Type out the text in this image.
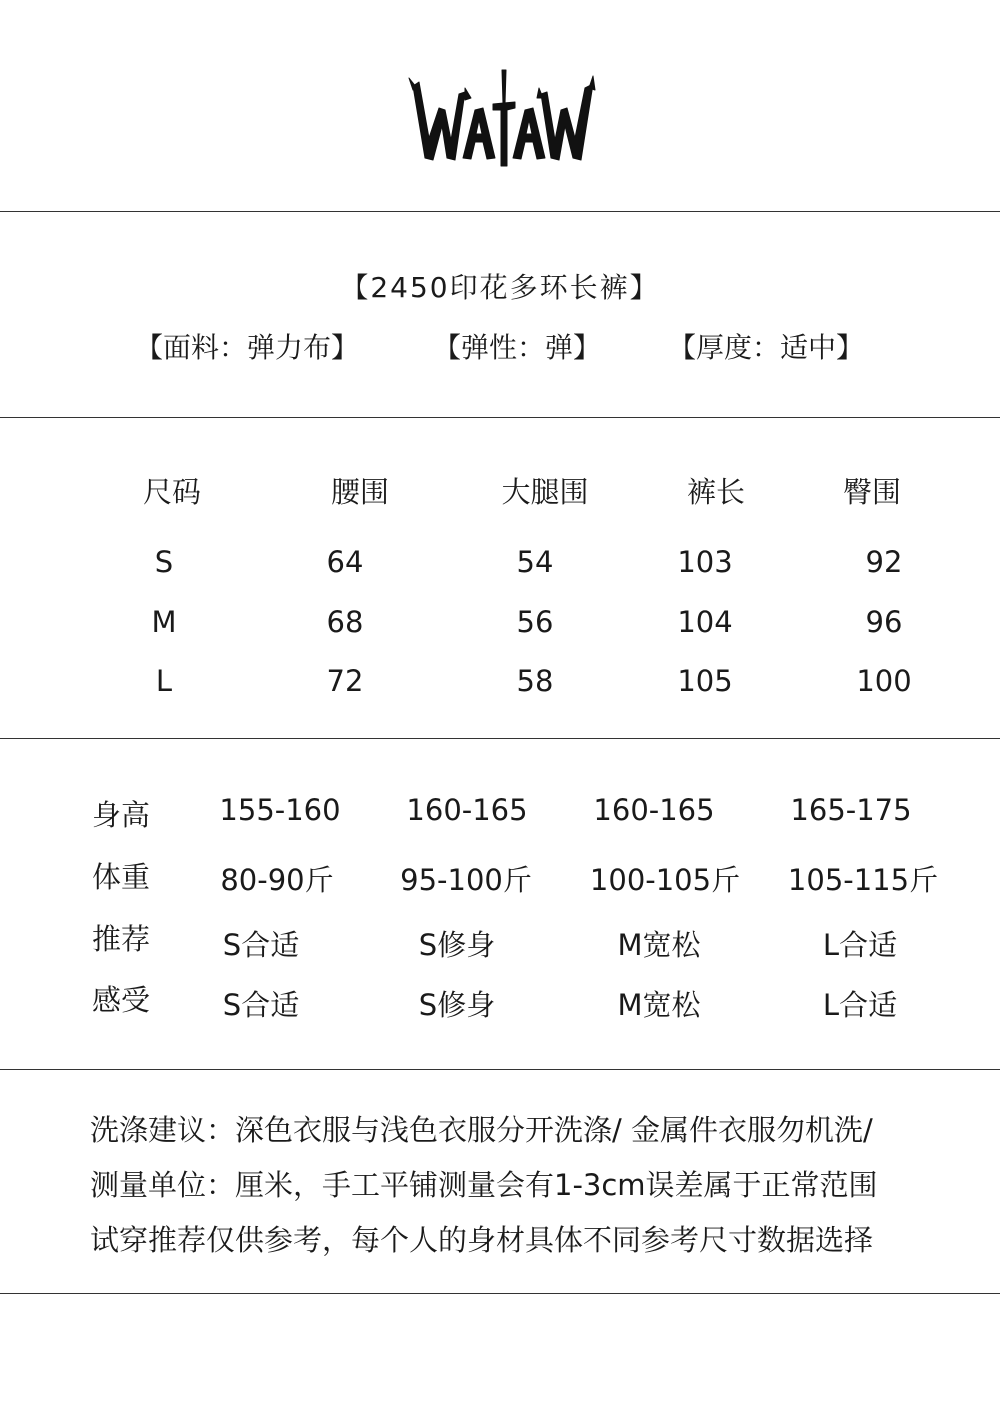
【2450印花多环长裤】
【面料：弹力布】	【弹性：弹】 【厚度：适中】
尺码	腰围	大腿围	裤长	臀围
S	64	54	103	92
M	68	56	104	96
L	72	58	105	100
身高 155-160 160-165 160-165	165-175
体重 80-90斤 95-100斤 100-105斤 105-115斤
推荐	S合适	S修身	M宽松	L合适
感受	S合适	S修身	M宽松	L合适
洗涤建议：深色衣服与浅色衣服分开洗涤/ 金属件衣服勿机洗/
测量单位：厘米，手工平铺测量会有1-3cm误差属于正常范围
试穿推荐仅供参考，每个人的身材具体不同参考尺寸数据选择
